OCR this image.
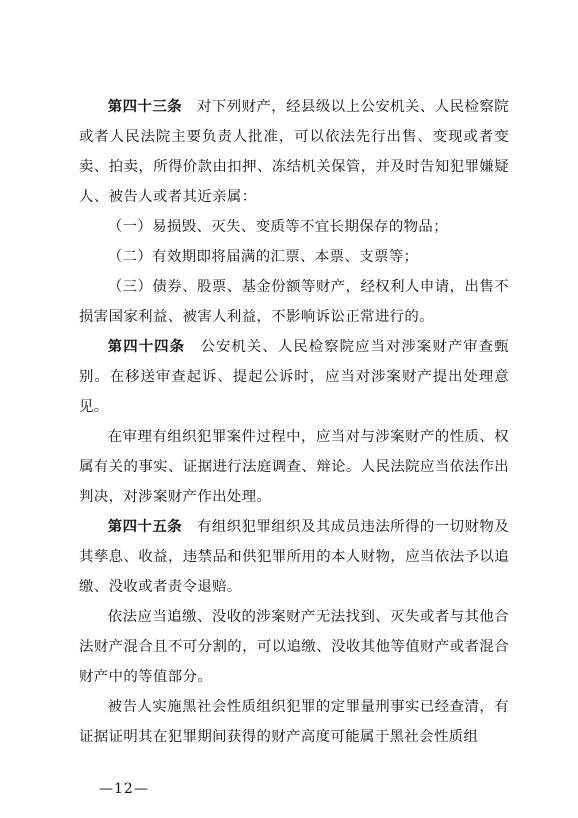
第四十三条　 对下列财产，经县级以上公安机关、人民检察院或者人民法院主要负责人批准，可以依法先行出售、变现或者变卖、拍卖，所得价款由扣押、冻结机关保管，并及时告知犯罪嫌疑人、被告人或者其近亲属：

（一）易损毁、灭失、变质等不宜长期保存的物品；

（二）有效期即将届满的汇票、本票、支票等；

（三）债券、股票、基金份额等财产，经权利人申请，出售不损害国家利益、被害人利益，不影响诉讼正常进行的。

第四十四条　 公安机关、人民检察院应当对涉案财产审查甄别。在移送审查起诉、提起公诉时，应当对涉案财产提出处理意见。

在审理有组织犯罪案件过程中，应当对与涉案财产的性质、权属有关的事实、证据进行法庭调查、辩论。人民法院应当依法作出判决，对涉案财产作出处理。

第四十五条　 有组织犯罪组织及其成员违法所得的一切财物及其孳息、收益，违禁品和供犯罪所用的本人财物，应当依法予以追缴、没收或者责令退赔。

依法应当追缴、没收的涉案财产无法找到、灭失或者与其他合法财产混合且不可分割的，可以追缴、没收其他等值财产或者混合财产中的等值部分。

被告人实施黑社会性质组织犯罪的定罪量刑事实已经查清，有证据证明其在犯罪期间获得的财产高度可能属于黑社会性质组

—12—
